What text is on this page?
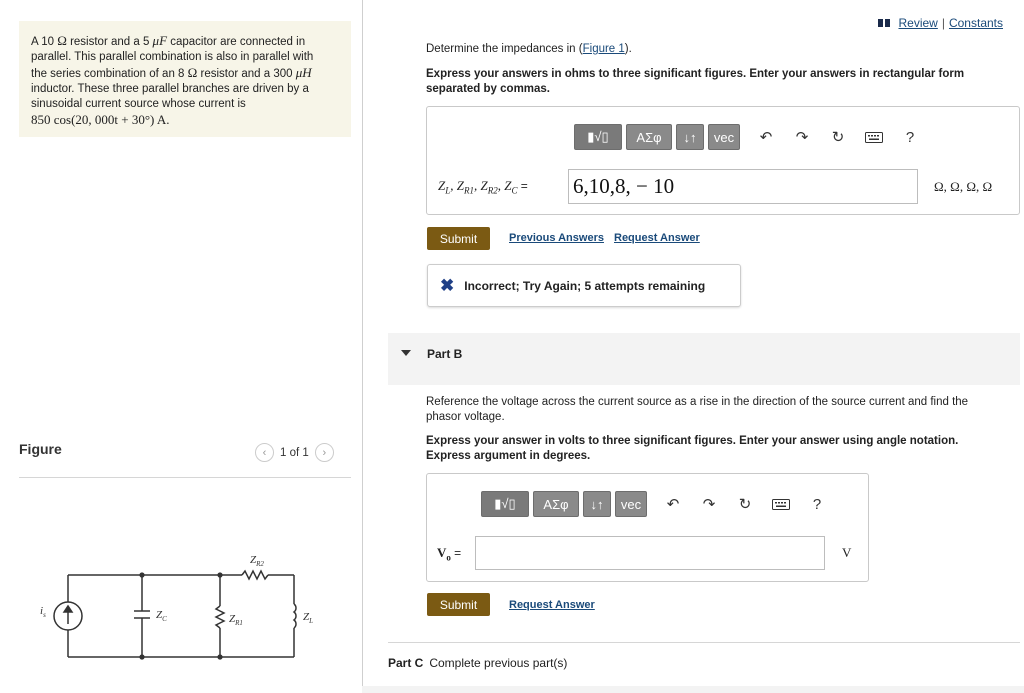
A 10 Ω resistor and a 5 μF capacitor are connected in
parallel. This parallel combination is also in parallel with
the series combination of an 8 Ω resistor and a 300 μH
inductor. These three parallel branches are driven by a
sinusoidal current source whose current is
850 cos(20, 000t + 30°) A.
Figure	‹	1 of 1	›
$i_s$	$Z_C$	$Z_{R1}$
$Z_{R2}$
$Z_L$
Review | Constants
Determine the impedances in (Figure 1).
Express your answers in ohms to three significant figures. Enter your answers in rectangular form separated by commas.
▮√▯	ΑΣφ	↓↑	vec	↶	↷	↻	?
$Z_L$, $Z_{R1}$, $Z_{R2}$, $Z_C = 6,10,8$, − 10	Ω, Ω, Ω, Ω
Submit	Previous Answers Request Answer
✖ Incorrect; Try Again; 5 attempts remaining
Part B
Reference the voltage across the current source as a rise in the direction of the source current and find the phasor voltage.
Express your answer in volts to three significant figures. Enter your answer using angle notation. Express argument in degrees.
▮√▯	ΑΣφ	↓↑	vec	↶	↷	↻	?
$V_o$ =	V
Submit	Request Answer
Part C Complete previous part(s)
